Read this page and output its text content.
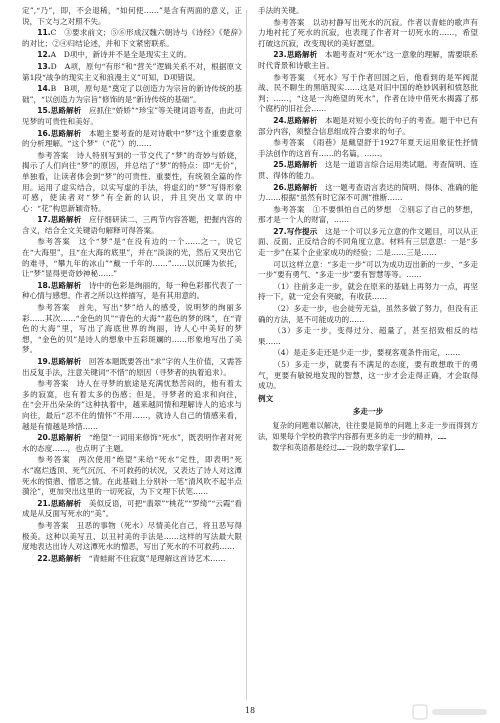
定”,“乃”，即，不会退稀，“如何使……”是含有两面的意义，正说，下文与之对照不失。

11.C　③要求前文；⑤⑥形成汉魏六朝诗与《诗经》《楚辞》的对比；②④归结论述，并和下文紧密联系。

12.A　D项中，新诗并不是全是现实主义的。

13.D　A项，原句“有形”和“营关”逻辑关系不对，根据原文第1段“战争的现实主义和浪漫主义”可知，D项错误。

14.B　B项，原句是“奠定了以创造力为宗旨的新诗传统的基础”，“以创造力为宗旨”修饰的是“新诗传统的基础”。

15.思路解析　应抓住“娇娇”“珍宝”等关键词语考查，由此可见梦的可贵性和美好。

16.思路解析　本题主要考查的是对诗歌中“梦”这个重要意象的分析理解。“这个梦”（“花”）的……

参考答案　诗人特别写到的一节交代了“梦”的奇妙与娇娆，揭示了人们向往“梦”的原因，并总结了“梦”的特点：即“无价”，单独看，让读者体会到“梦”的可贵性、重要性，有统领全篇的作用。运用了虚实结合，以实写虚的手法，将虚幻的“梦”写得形象可感，使读者对“梦”有全新的认识，并且突出文章的中心：“花”构思新颖奇特。

17.思路解析　应仔细研读二、三两节内容答题，把握内容的含义，结合全文关键语句解释可得答案。

参考答案　这个“梦”是“在没有边的一个……之一，说它在“大海里”，且“在大海的底里”，并在“淡淡的光，然后又突出它的难寻，“攀九年的冰山”“戴一千年的……”……以沉睡为依托，让“梦”显得更奇妙神秘……”

18.思路解析　诗中的色彩是绚丽的，每一种色彩都代表了一种心情与感想。作者之所以这样描写，是有其用意的。

参考答案　首先，写出“梦”给人的感受，说明梦的绚丽多彩……其次……“金色的贝”“青色的大海”“蓝色的梦的珠”，在“青色的大海”里，写出了海底世界的绚丽，诗人心中美好的梦想，“金色的贝”是诗人的想象中五彩斑斓的……形象地写出了美梦。

19.思路解析　回答本题既要答出“求”字的人生价值，又需答出反复手法，注意关键词“不惜”的原因（寻梦者的执着追求）。

参考答案　诗人在寻梦的旅途是充满忧愁苦闷的，他有着太多的寂寞，也有着太多的伤感；但是，寻梦者的追求和向往，在“会开出朵朵的”这种执着中，越来越同情和理解诗人的追求与向往，最后“忍不住的情怀”不用……，就诗人自己的情感来看，越是有情越是珍惜……

20.思路解析　“绝望”一词用来修饰“死水”，既表明作者对死水的态度……，也点明了主题。

参考答案　两次使用“绝望”来给“死水”定性，即表明“死水”腐烂透顶、死气沉沉、不可救药的状况，又表达了诗人对这潭死水的愤懑、憎恶之情。在此基础上分别补一笔“清风吹不起半点漪沦”，更加突出这里的一切死寂，为下文埋下伏笔……

21.思路解析　美似反语，可把“翡翠”“桃花”“罗绮”“云霞”看成是从反面写死水的“美”。

参考答案　丑恶的事物（死水）尽情美化自己，将丑恶写得极美。这种以美写丑、以丑衬美的手法是……这样的写法最大限度地表达出诗人对这潭死水的憎恶，写出了死水的不可救药……

22.思路解析　“青蛙耐不住寂寞”是理解这首诗艺术……

手法的关键。

参考答案　以动衬静写出死水的沉寂。作者以青蛙的歌声有力地衬托了死水的沉寂，也表现了作者对一切死水的……，希望打破这沉寂，改变现状的美好愿望。

23.思路解析　本题考查对“死水”这一意象的理解，需要联系时代背景和诗歌主旨。

参考答案　《死水》写于作者回国之后，他看到的是军阀混战、民不聊生的黑暗现实……这是对旧中国的绝妙讽刺和愤怒批判；……，“这是一沟绝望的死水”，作者在诗中借死水揭露了那个腐朽的旧社会……

24.思路解析　本题是对短小变长的句子的考查。题干中已有部分内容，须整合信息组成符合要求的句子。

参考答案　《雨巷》是戴望舒于1927年夏天运用象征性抒情手法创作的这首有……的名篇，……。

25.思路解析　这是一道语言综合运用类试题。考查简明、连贯、得体的能力。

26.思路解析　这一题考查语言表达的简明、得体、准确的能力……根据“虽然有时它深不可测”推断……

参考答案　①不要惧怕自己的梦想　②别忘了自己的梦想，那才是一个人的财富，……

27.写作提示　这是一个可以多元立意的作文题目，可以从正面、反面、正反结合的不同角度立意。材料有三层意思：一是“多走一步”在某个企业家成功的经验；二是……三是……

可以这样立意：“多走一步”可以为成功迈出新的一步、“多走一步”要有勇气、“多走一步”要有智慧等等。……

（1）往前多走一步，就会在原来的基础上再努力一点，再坚持一下，就一定会有突破，有收获……

（2）多走一步，也会徒劳无益，虽然多做了努力，但没有正确的方法，是不可能成功的……

（3）多走一步，变得过分、超量了，甚至招致相反的结果……

（4）是走多走还是少走一步，要视客观条件而定，……

（5）多走一步，就要有不满足的态度，要有敢想敢干的勇气，更要有敏锐地发现的智慧，这一步才会走得正确，才会取得成功。

例文
多走一步

复杂的问题难以解决，往往要是简单的问题上多走一步而得到方法，如果每个学校的教学内容都有更多的走一步的精神，……

数学和英语都是经过……一段的数学家们……

18
